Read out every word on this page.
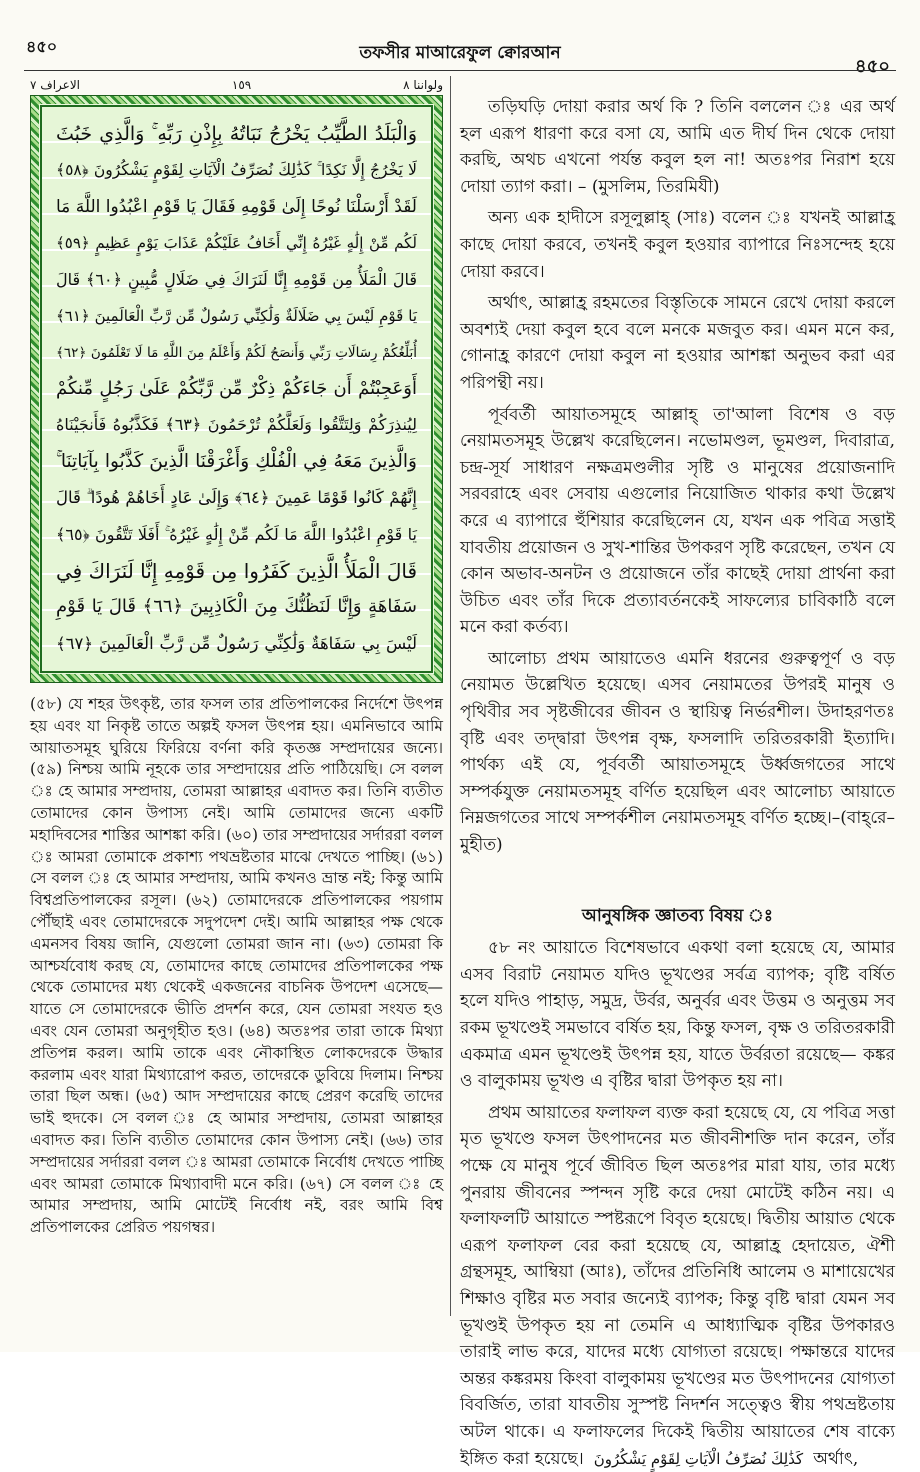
৪৫০	তফসীর মাআরেফুল ক্বোরআন
৪৫০
الاعراف ٧	١٥٩	ولواننا ٨
وَالْبَلَدُ الطَّيِّبُ يَخْرُجُ نَبَاتُهُ بِإِذْنِ رَبِّهِ ۚ وَالَّذِي خَبُثَ
لَا يَخْرُجُ إِلَّا نَكِدًا ۚ كَذَٰلِكَ نُصَرِّفُ الْآيَاتِ لِقَوْمٍ يَشْكُرُونَ ﴿٥٨﴾
لَقَدْ أَرْسَلْنَا نُوحًا إِلَىٰ قَوْمِهِ فَقَالَ يَا قَوْمِ اعْبُدُوا اللَّهَ مَا
لَكُم مِّنْ إِلَٰهٍ غَيْرُهُ إِنِّي أَخَافُ عَلَيْكُمْ عَذَابَ يَوْمٍ عَظِيمٍ ﴿٥٩﴾
قَالَ الْمَلَأُ مِن قَوْمِهِ إِنَّا لَنَرَاكَ فِي ضَلَالٍ مُّبِينٍ ﴿٦٠﴾ قَالَ
يَا قَوْمِ لَيْسَ بِي ضَلَالَةٌ وَلَٰكِنِّي رَسُولٌ مِّن رَّبِّ الْعَالَمِينَ ﴿٦١﴾
أُبَلِّغُكُمْ رِسَالَاتِ رَبِّي وَأَنصَحُ لَكُمْ وَأَعْلَمُ مِنَ اللَّهِ مَا لَا تَعْلَمُونَ ﴿٦٢﴾
أَوَعَجِبْتُمْ أَن جَاءَكُمْ ذِكْرٌ مِّن رَّبِّكُمْ عَلَىٰ رَجُلٍ مِّنكُمْ
لِيُنذِرَكُمْ وَلِتَتَّقُوا وَلَعَلَّكُمْ تُرْحَمُونَ ﴿٦٣﴾ فَكَذَّبُوهُ فَأَنجَيْنَاهُ
وَالَّذِينَ مَعَهُ فِي الْفُلْكِ وَأَغْرَقْنَا الَّذِينَ كَذَّبُوا بِآيَاتِنَا ۚ
إِنَّهُمْ كَانُوا قَوْمًا عَمِينَ ﴿٦٤﴾ وَإِلَىٰ عَادٍ أَخَاهُمْ هُودًا ۗ قَالَ
يَا قَوْمِ اعْبُدُوا اللَّهَ مَا لَكُم مِّنْ إِلَٰهٍ غَيْرُهُ ۚ أَفَلَا تَتَّقُونَ ﴿٦٥﴾
قَالَ الْمَلَأُ الَّذِينَ كَفَرُوا مِن قَوْمِهِ إِنَّا لَنَرَاكَ فِي
سَفَاهَةٍ وَإِنَّا لَنَظُنُّكَ مِنَ الْكَاذِبِينَ ﴿٦٦﴾ قَالَ يَا قَوْمِ
لَيْسَ بِي سَفَاهَةٌ وَلَٰكِنِّي رَسُولٌ مِّن رَّبِّ الْعَالَمِينَ ﴿٦٧﴾
(৫৮) যে শহর উৎকৃষ্ট, তার ফসল তার প্রতিপালকের নির্দেশে উৎপন্ন হয় এবং যা নিকৃষ্ট তাতে অল্পই ফসল উৎপন্ন হয়। এমনিভাবে আমি আয়াতসমূহ ঘুরিয়ে ফিরিয়ে বর্ণনা করি কৃতজ্ঞ সম্প্রদায়ের জন্যে। (৫৯) নিশ্চয় আমি নূহকে তার সম্প্রদায়ের প্রতি পাঠিয়েছি। সে বলল ঃ হে আমার সম্প্রদায়, তোমরা আল্লাহর এবাদত কর। তিনি ব্যতীত তোমাদের কোন উপাস্য নেই। আমি তোমাদের জন্যে একটি মহাদিবসের শাস্তির আশঙ্কা করি। (৬০) তার সম্প্রদায়ের সর্দাররা বলল ঃ আমরা তোমাকে প্রকাশ্য পথভ্রষ্টতার মাঝে দেখতে পাচ্ছি। (৬১) সে বলল ঃ হে আমার সম্প্রদায়, আমি কখনও ভ্রান্ত নই; কিন্তু আমি বিশ্বপ্রতিপালকের রসূল। (৬২) তোমাদেরকে প্রতিপালকের পয়গাম পৌঁছাই এবং তোমাদেরকে সদুপদেশ দেই। আমি আল্লাহর পক্ষ থেকে এমনসব বিষয় জানি, যেগুলো তোমরা জান না। (৬৩) তোমরা কি আশ্চর্যবোধ করছ যে, তোমাদের কাছে তোমাদের প্রতিপালকের পক্ষ থেকে তোমাদের মধ্য থেকেই একজনের বাচনিক উপদেশ এসেছে— যাতে সে তোমাদেরকে ভীতি প্রদর্শন করে, যেন তোমরা সংযত হও এবং যেন তোমরা অনুগৃহীত হও। (৬৪) অতঃপর তারা তাকে মিথ্যা প্রতিপন্ন করল। আমি তাকে এবং নৌকাস্থিত লোকদেরকে উদ্ধার করলাম এবং যারা মিথ্যারোপ করত, তাদেরকে ডুবিয়ে দিলাম। নিশ্চয় তারা ছিল অন্ধ। (৬৫) আদ সম্প্রদায়ের কাছে প্রেরণ করেছি তাদের ভাই হুদকে। সে বলল ঃ হে আমার সম্প্রদায়, তোমরা আল্লাহর এবাদত কর। তিনি ব্যতীত তোমাদের কোন উপাস্য নেই। (৬৬) তার সম্প্রদায়ের সর্দাররা বলল ঃ আমরা তোমাকে নির্বোধ দেখতে পাচ্ছি এবং আমরা তোমাকে মিথ্যাবাদী মনে করি। (৬৭) সে বলল ঃ হে আমার সম্প্রদায়, আমি মোটেই নির্বোধ নই, বরং আমি বিশ্ব প্রতিপালকের প্রেরিত পয়গম্বর।

তড়িঘড়ি দোয়া করার অর্থ কি ? তিনি বললেন ঃ এর অর্থ হল এরূপ ধারণা করে বসা যে, আমি এত দীর্ঘ দিন থেকে দোয়া করছি, অথচ এখনো পর্যন্ত কবুল হল না! অতঃপর নিরাশ হয়ে দোয়া ত্যাগ করা। – (মুসলিম, তিরমিযী)

অন্য এক হাদীসে রসূলুল্লাহ্ (সাঃ) বলেন ঃ যখনই আল্লাহ্র কাছে দোয়া করবে, তখনই কবুল হওয়ার ব্যাপারে নিঃসন্দেহ হয়ে দোয়া করবে।

অর্থাৎ, আল্লাহ্র রহমতের বিস্তৃতিকে সামনে রেখে দোয়া করলে অবশ্যই দেয়া কবুল হবে বলে মনকে মজবুত কর। এমন মনে কর, গোনাহ্র কারণে দোয়া কবুল না হওয়ার আশঙ্কা অনুভব করা এর পরিপন্থী নয়।

পূর্ববর্তী আয়াতসমূহে আল্লাহ্ তা'আলা বিশেষ ও বড় নেয়ামতসমূহ উল্লেখ করেছিলেন। নভোমণ্ডল, ভূমণ্ডল, দিবারাত্র, চন্দ্র-সূর্য সাধারণ নক্ষত্রমণ্ডলীর সৃষ্টি ও মানুষের প্রয়োজনাদি সরবরাহে এবং সেবায় এগুলোর নিয়োজিত থাকার কথা উল্লেখ করে এ ব্যাপারে হুঁশিয়ার করেছিলেন যে, যখন এক পবিত্র সত্তাই যাবতীয় প্রয়োজন ও সুখ-শান্তির উপকরণ সৃষ্টি করেছেন, তখন যে কোন অভাব-অনটন ও প্রয়োজনে তাঁর কাছেই দোয়া প্রার্থনা করা উচিত এবং তাঁর দিকে প্রত্যাবর্তনকেই সাফল্যের চাবিকাঠি বলে মনে করা কর্তব্য।

আলোচ্য প্রথম আয়াতেও এমনি ধরনের গুরুত্বপূর্ণ ও বড় নেয়ামত উল্লেখিত হয়েছে। এসব নেয়ামতের উপরই মানুষ ও পৃথিবীর সব সৃষ্টজীবের জীবন ও স্থায়িত্ব নির্ভরশীল। উদাহরণতঃ বৃষ্টি এবং তদ্দ্বারা উৎপন্ন বৃক্ষ, ফসলাদি তরিতরকারী ইত্যাদি। পার্থক্য এই যে, পূর্ববর্তী আয়াতসমূহে উর্ধ্বজগতের সাথে সম্পর্কযুক্ত নেয়ামতসমূহ বর্ণিত হয়েছিল এবং আলোচ্য আয়াতে নিম্নজগতের সাথে সম্পর্কশীল নেয়ামতসমূহ বর্ণিত হচ্ছে।–(বাহ্‌রে–মুহীত)

আনুষঙ্গিক জ্ঞাতব্য বিষয় ঃ

৫৮ নং আয়াতে বিশেষভাবে একথা বলা হয়েছে যে, আমার এসব বিরাট নেয়ামত যদিও ভূখণ্ডের সর্বত্র ব্যাপক; বৃষ্টি বর্ষিত হলে যদিও পাহাড়, সমুদ্র, উর্বর, অনুর্বর এবং উত্তম ও অনুত্তম সব রকম ভূখণ্ডেই সমভাবে বর্ষিত হয়, কিন্তু ফসল, বৃক্ষ ও তরিতরকারী একমাত্র এমন ভূখণ্ডেই উৎপন্ন হয়, যাতে উর্বরতা রয়েছে— কঙ্কর ও বালুকাময় ভূখণ্ড এ বৃষ্টির দ্বারা উপকৃত হয় না।

প্রথম আয়াতের ফলাফল ব্যক্ত করা হয়েছে যে, যে পবিত্র সত্তা মৃত ভূখণ্ডে ফসল উৎপাদনের মত জীবনীশক্তি দান করেন, তাঁর পক্ষে যে মানুষ পূর্বে জীবিত ছিল অতঃপর মারা যায়, তার মধ্যে পুনরায় জীবনের স্পন্দন সৃষ্টি করে দেয়া মোটেই কঠিন নয়। এ ফলাফলটি আয়াতে স্পষ্টরূপে বিবৃত হয়েছে। দ্বিতীয় আয়াত থেকে এরূপ ফলাফল বের করা হয়েছে যে, আল্লাহ্র হেদায়েত, ঐশী গ্রন্থসমূহ, আম্বিয়া (আঃ), তাঁদের প্রতিনিধি আলেম ও মাশায়েখের শিক্ষাও বৃষ্টির মত সবার জন্যেই ব্যাপক; কিন্তু বৃষ্টি দ্বারা যেমন সব ভূখণ্ডই উপকৃত হয় না তেমনি এ আধ্যাত্মিক বৃষ্টির উপকারও তারাই লাভ করে, যাদের মধ্যে যোগ্যতা রয়েছে। পক্ষান্তরে যাদের অন্তর কঙ্করময় কিংবা বালুকাময় ভূখণ্ডের মত উৎপাদনের যোগ্যতা বিবর্জিত, তারা যাবতীয় সুস্পষ্ট নিদর্শন সত্ত্বেও স্বীয় পথভ্রষ্টতায় অটল থাকে। এ ফলাফলের দিকেই দ্বিতীয় আয়াতের শেষ বাক্যে ইঙ্গিত করা হয়েছে। كَذَٰلِكَ نُصَرِّفُ الْآيَاتِ لِقَوْمٍ يَشْكُرُونَ অর্থাৎ,
